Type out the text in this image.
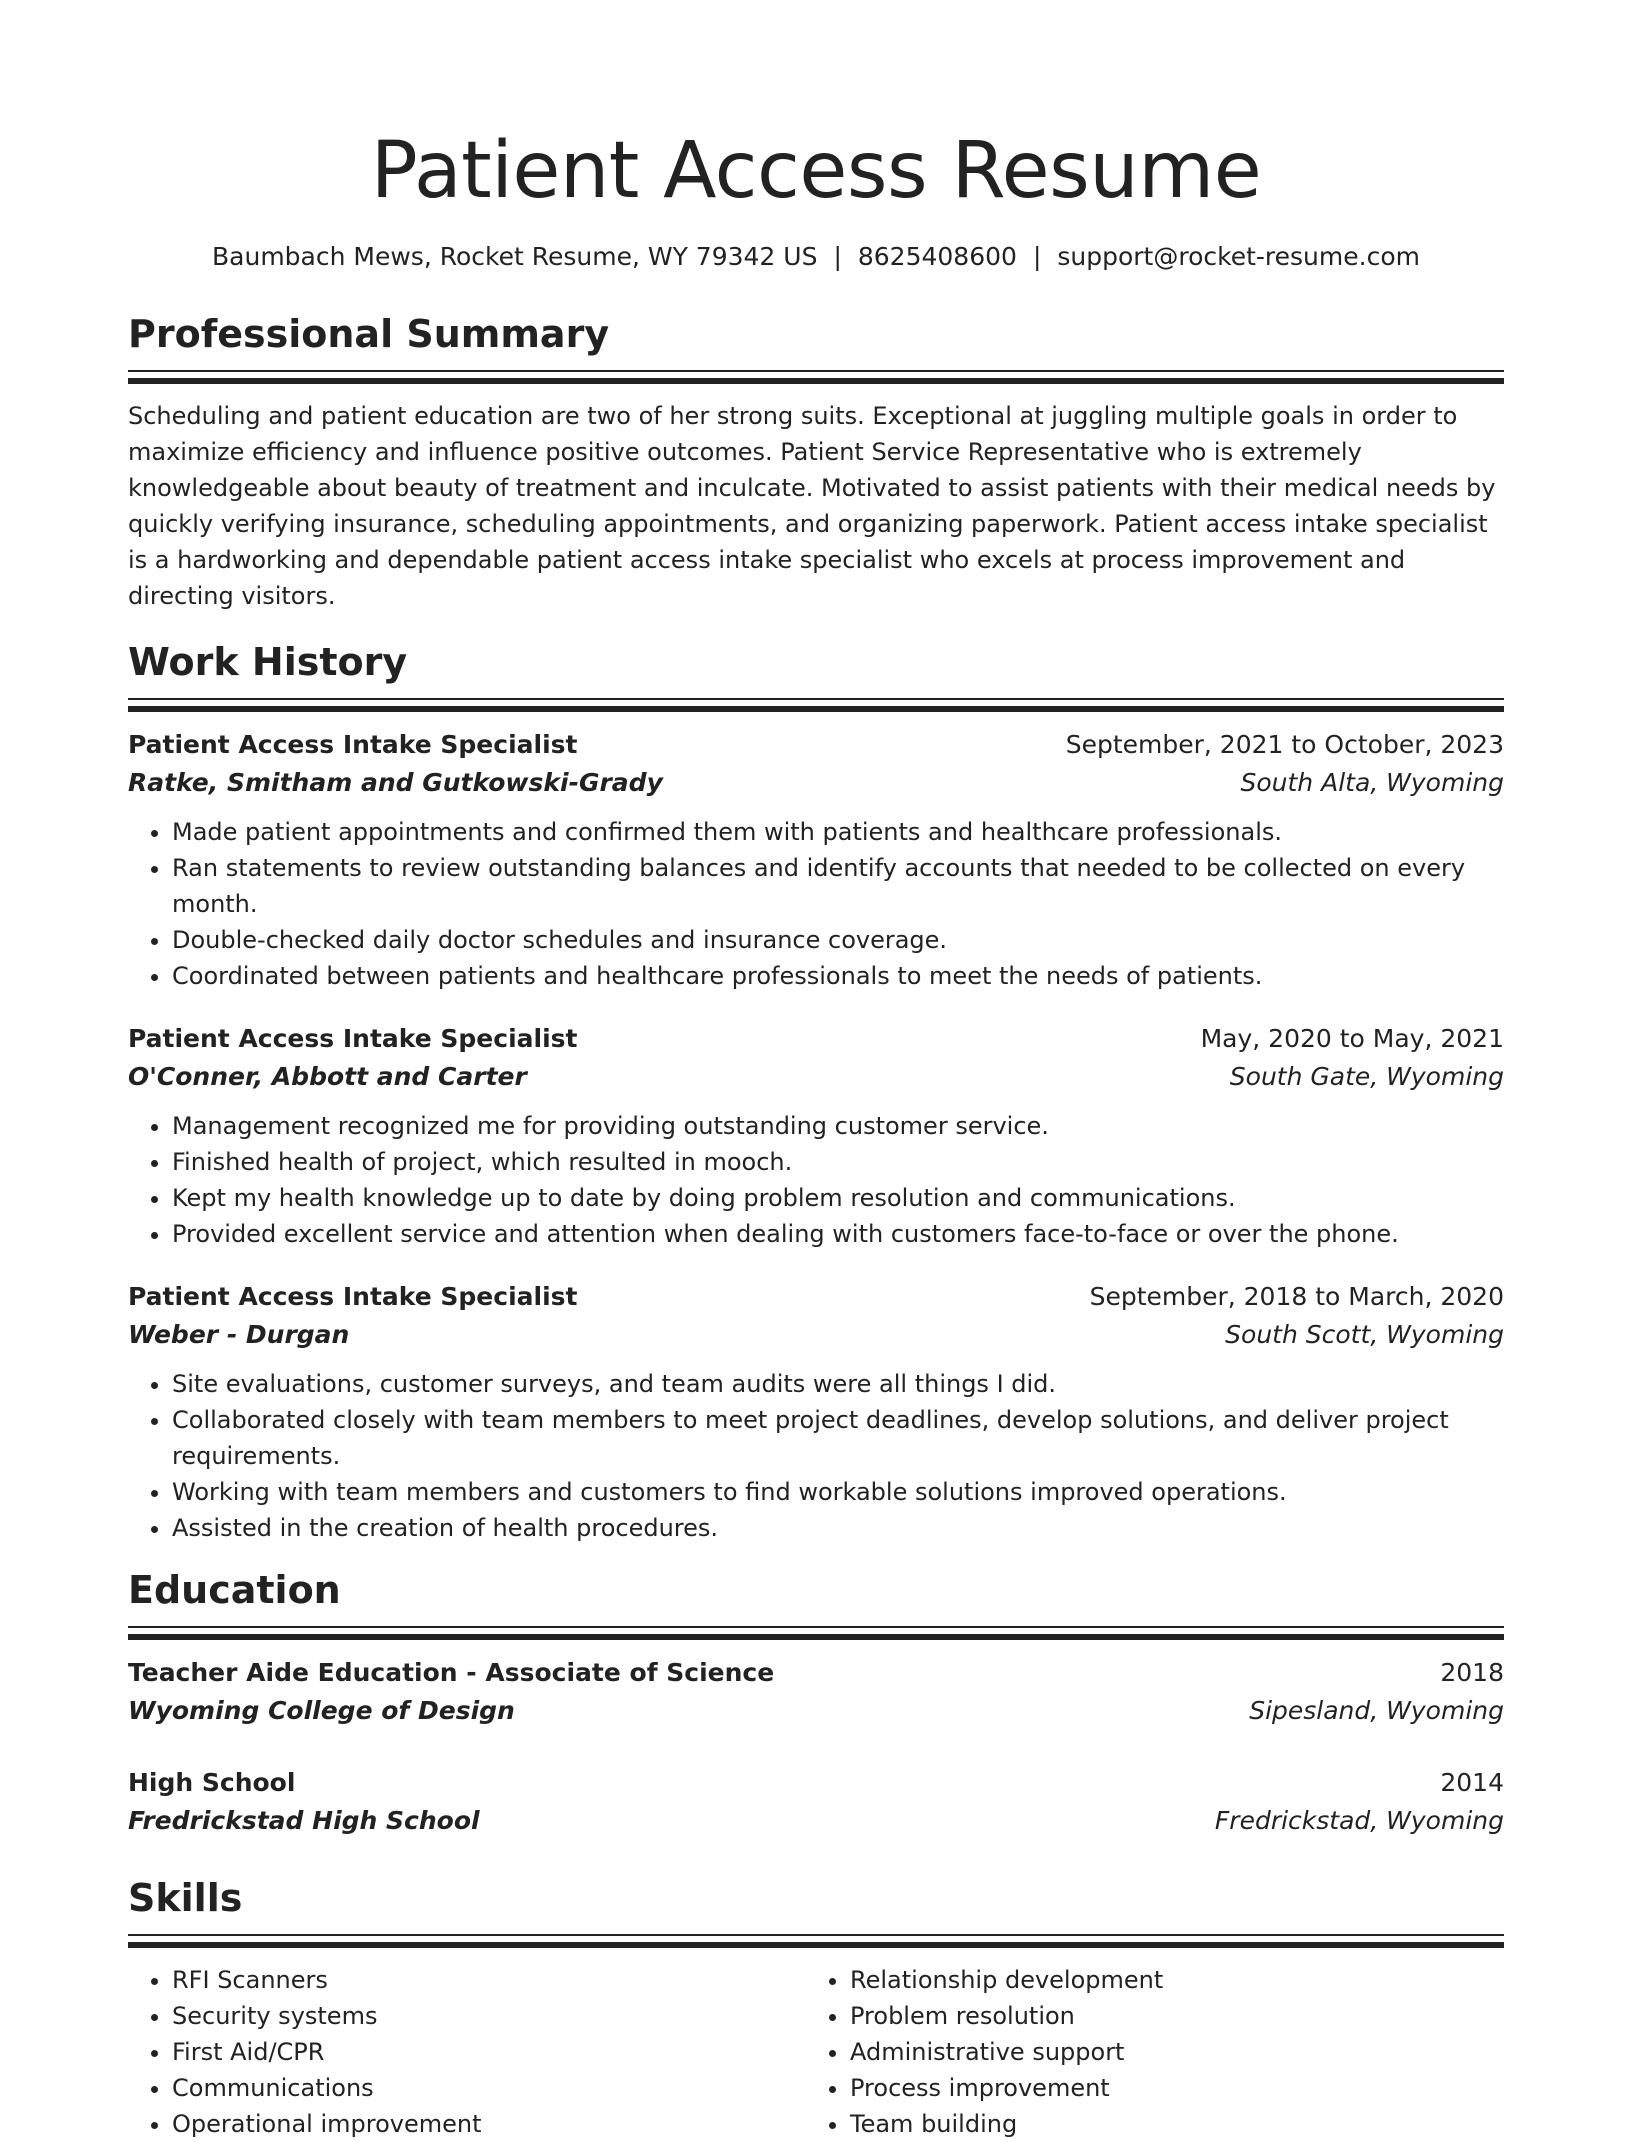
Patient Access Resume
Baumbach Mews, Rocket Resume, WY 79342 US | 8625408600 | support@rocket-resume.com
Professional Summary

Scheduling and patient education are two of her strong suits. Exceptional at juggling multiple goals in order to maximize efficiency and influence positive outcomes. Patient Service Representative who is extremely knowledgeable about beauty of treatment and inculcate. Motivated to assist patients with their medical needs by quickly verifying insurance, scheduling appointments, and organizing paperwork. Patient access intake specialist is a hardworking and dependable patient access intake specialist who excels at process improvement and directing visitors.

Work History
Patient Access Intake Specialist	September, 2021 to October, 2023
Ratke, Smitham and Gutkowski-Grady	South Alta, Wyoming
• Made patient appointments and confirmed them with patients and healthcare professionals.
• Ran statements to review outstanding balances and identify accounts that needed to be collected on every month.
• Double-checked daily doctor schedules and insurance coverage.
• Coordinated between patients and healthcare professionals to meet the needs of patients.
Patient Access Intake Specialist	May, 2020 to May, 2021
O'Conner, Abbott and Carter	South Gate, Wyoming
• Management recognized me for providing outstanding customer service.
• Finished health of project, which resulted in mooch.
• Kept my health knowledge up to date by doing problem resolution and communications.
• Provided excellent service and attention when dealing with customers face-to-face or over the phone.
Patient Access Intake Specialist	September, 2018 to March, 2020
Weber - Durgan	South Scott, Wyoming
• Site evaluations, customer surveys, and team audits were all things I did.
• Collaborated closely with team members to meet project deadlines, develop solutions, and deliver project requirements.
• Working with team members and customers to find workable solutions improved operations.
• Assisted in the creation of health procedures.
Education
Teacher Aide Education - Associate of Science	2018
Wyoming College of Design	Sipesland, Wyoming
High School	2014
Fredrickstad High School	Fredrickstad, Wyoming
Skills
• RFI Scanners
• Security systems
• First Aid/CPR
• Communications
• Operational improvement
• Relationship development
• Problem resolution
• Administrative support
• Process improvement
• Team building
